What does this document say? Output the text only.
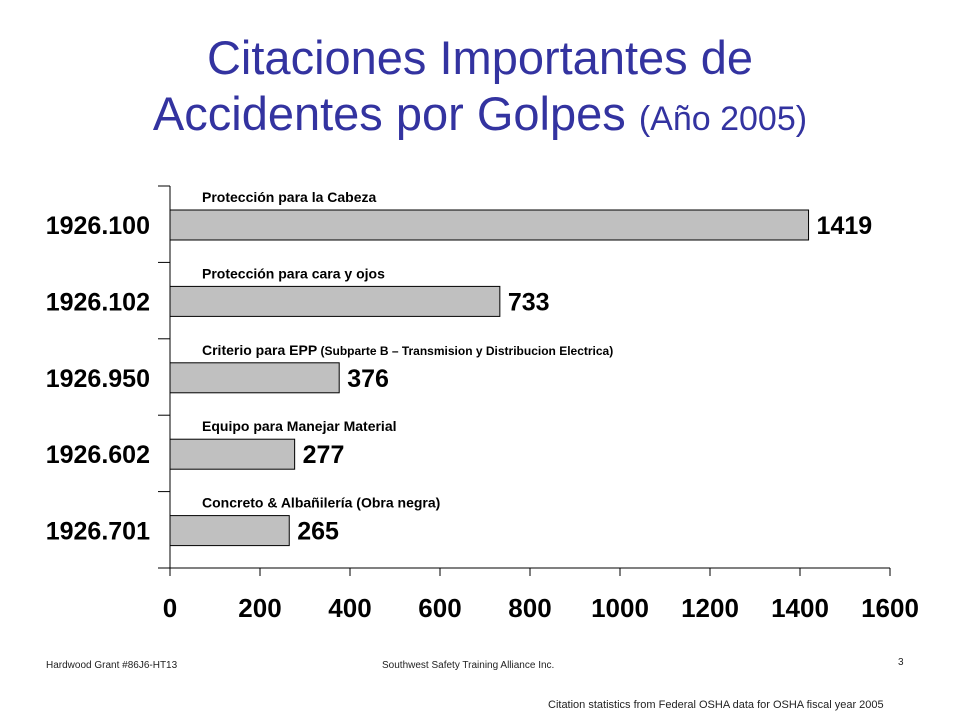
Citaciones Importantes de
Accidentes por Golpes (Año 2005)
0 200 400 600 800 1000 1200 1400 1600
1926.100	1419
Protección para la Cabeza
1926.102	733
Protección para cara y ojos
1926.950	376
Criterio para EPP (Subparte B – Transmision y Distribucion Electrica)
1926.602	277
Equipo para Manejar Material
1926.701	265
Concreto & Albañilería (Obra negra)
Hardwood Grant #86J6-HT13	Southwest Safety Training Alliance Inc.	3
Citation statistics from Federal OSHA data for OSHA fiscal year 2005
